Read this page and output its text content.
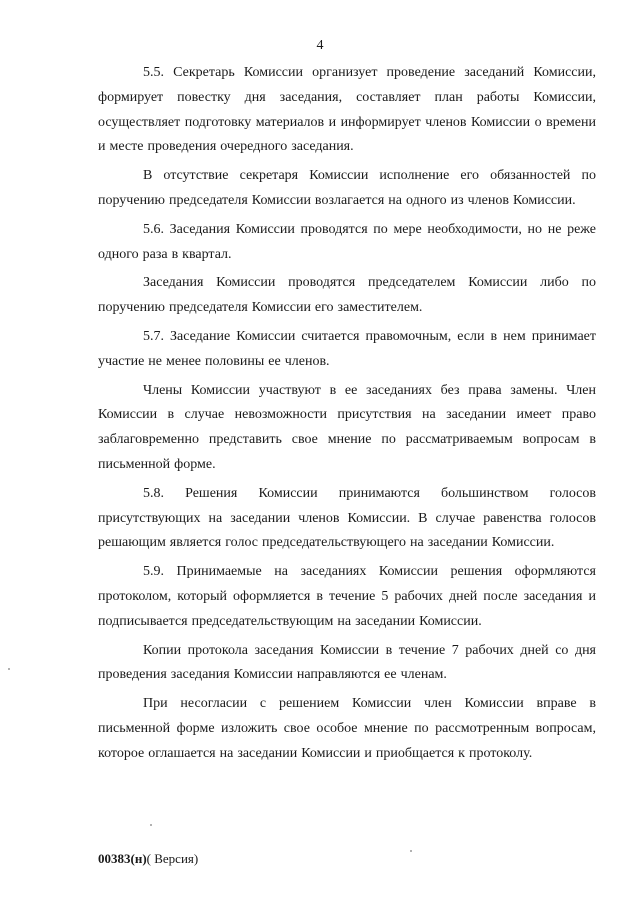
4

5.5. Секретарь Комиссии организует проведение заседаний Комиссии, формирует повестку дня заседания, составляет план работы Комиссии, осуществляет подготовку материалов и информирует членов Комиссии о времени и месте проведения очередного заседания.

В отсутствие секретаря Комиссии исполнение его обязанностей по поручению председателя Комиссии возлагается на одного из членов Комиссии.

5.6. Заседания Комиссии проводятся по мере необходимости, но не реже одного раза в квартал.

Заседания Комиссии проводятся председателем Комиссии либо по поручению председателя Комиссии его заместителем.

5.7. Заседание Комиссии считается правомочным, если в нем принимает участие не менее половины ее членов.

Члены Комиссии участвуют в ее заседаниях без права замены. Член Комиссии в случае невозможности присутствия на заседании имеет право заблаговременно представить свое мнение по рассматриваемым вопросам в письменной форме.

5.8. Решения Комиссии принимаются большинством голосов присутствующих на заседании членов Комиссии. В случае равенства голосов решающим является голос председательствующего на заседании Комиссии.

5.9. Принимаемые на заседаниях Комиссии решения оформляются протоколом, который оформляется в течение 5 рабочих дней после заседания и подписывается председательствующим на заседании Комиссии.

Копии протокола заседания Комиссии в течение 7 рабочих дней со дня проведения заседания Комиссии направляются ее членам.

При несогласии с решением Комиссии член Комиссии вправе в письменной форме изложить свое особое мнение по рассмотренным вопросам, которое оглашается на заседании Комиссии и приобщается к протоколу.

00383(н)( Версия)
